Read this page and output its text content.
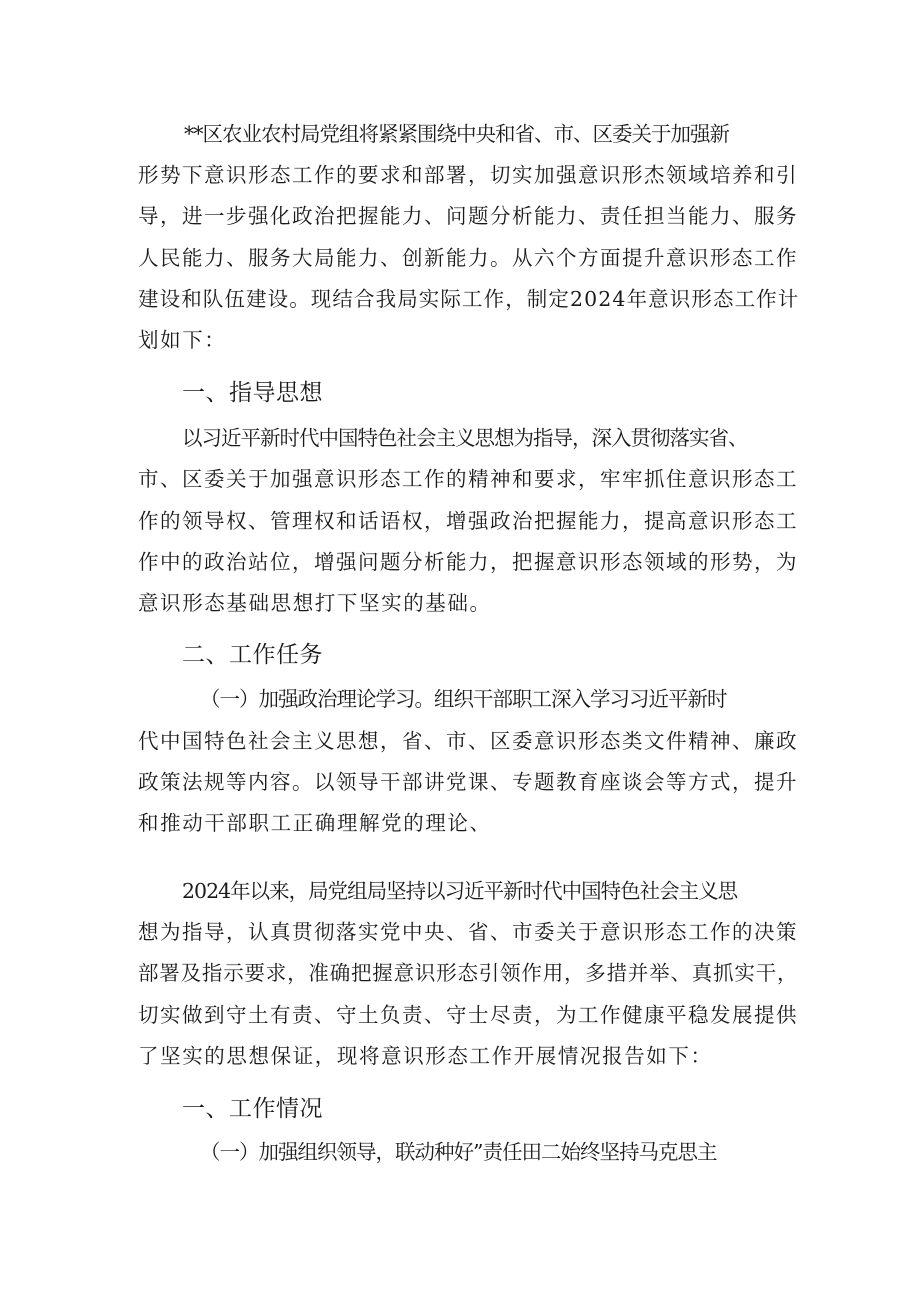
**区农业农村局党组将紧紧围绕中央和省、市、区委关于加强新
形势下意识形态工作的要求和部署，切实加强意识形杰领域培养和引
导，进一步强化政治把握能力、问题分析能力、责任担当能力、服务
人民能力、服务大局能力、创新能力。从六个方面提升意识形态工作
建设和队伍建设。现结合我局实际工作，制定2024年意识形态工作计
划如下：
一、指导思想
以习近平新时代中国特色社会主义思想为指导，深入贯彻落实省、
市、区委关于加强意识形态工作的精神和要求，牢牢抓住意识形态工
作的领导权、管理权和话语权，增强政治把握能力，提高意识形态工
作中的政治站位，增强问题分析能力，把握意识形态领域的形势，为
意识形态基础思想打下坚实的基础。
二、工作任务
（一）加强政治理论学习。组织干部职工深入学习习近平新时
代中国特色社会主义思想，省、市、区委意识形态类文件精神、廉政
政策法规等内容。以领导干部讲党课、专题教育座谈会等方式，提升
和推动干部职工正确理解党的理论、
2024年以来，局党组局坚持以习近平新时代中国特色社会主义思
想为指导，认真贯彻落实党中央、省、市委关于意识形态工作的决策
部署及指示要求，准确把握意识形态引领作用，多措并举、真抓实干，
切实做到守土有责、守土负责、守士尽责，为工作健康平稳发展提供
了坚实的思想保证，现将意识形态工作开展情况报告如下：
一、工作情况
（一）加强组织领导，联动种好”责任田二始终坚持马克思主
